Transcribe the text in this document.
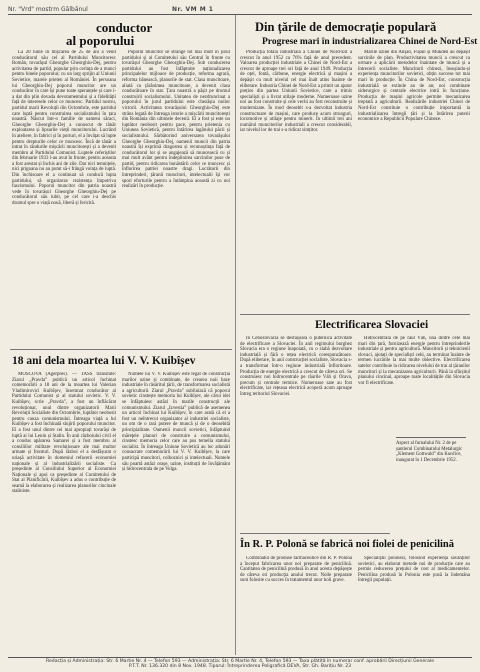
Nr. "Vrd" mostrm Gălbănul	Nr. VM M 1
conductor
al poporului

La 20 lunie în mișcarea de 25 de ani a venit conducătorul său cel al Partidului Muncitoresc Român, tovarășul Gheorghe Gheorghiu-Dej, pentru activitatea de partid, popular prin cerința de a munci pentru binele poporului; cu un larg sprijin al Uniunii Sovietice, marele prieten al României. În persoana lui Gheorghiu-Dej poporul muncitor are un conducător în care își pune toate speranțele și care i-a dat din plin dovada devotamentului și a fidelității față de interesele celor ce muncesc. Partidul nostru, partidul marii Revoluții din Octombrie, este partidul care luptă pentru construirea socialismului în țara noastră. Născut într-o familie de oameni săraci, Gheorghe Gheorghiu-Dej a cunoscut de tânăr exploatarea și lipsurile vieții muncitorului. Lucrând în ateliere, în fabrici și în porturi, el a învățat să lupte pentru drepturile celor ce muncesc. Încă de tânăr a intrat în rândurile mișcării muncitorești și a devenit membru al Partidului Comunist. Luptele ceferiștilor din februarie 1933 l-au avut în frunte; pentru aceasta a fost arestat și închis ani de zile. Dar nici temnițele, nici prigoana nu au putut să-i frângă voința de luptă. Din închisoare el a continuat să conducă lupta partidului, să organizeze rezistența împotriva fascismului. Poporul muncitor din patria noastră vede în tovarășul Gheorghe Gheorghiu-Dej pe conducătorul său iubit, pe cel care i-a deschis drumul spre o viață nouă, liberă și fericită.

Poporul muncitor se strânge tot mai mult în jurul partidului și al Comitetului său Central în frunte cu tovarășul Gheorghe Gheorghiu-Dej. Sub conducerea partidului au fost înfăptuite naționalizarea principalelor mijloace de producție, reforma agrară, reforma bănească, planurile de stat. Clasa muncitoare, aliată cu țărănimea muncitoare, a devenit clasa conducătoare în stat. Țara noastră a pășit pe drumul construirii socialismului. Unitatea de nezdruncinat a poporului în jurul partidului este chezășia noilor victorii. Activitatea tovarășului Gheorghiu-Dej este strâns legată de întreaga istorie a mișcării muncitorești din România din ultimele decenii. El a fost și este un luptător neobosit pentru pace, pentru prietenia cu Uniunea Sovietică, pentru întărirea lagărului păcii și socialismului. Sărbătorind aniversarea tovarășului Gheorghe Gheorghiu-Dej, oamenii muncii din patria noastră își exprimă dragostea și recunoștința față de conducătorul lor și se angajează să muncească cu și mai mult avânt pentru îndeplinirea sarcinilor puse de partid, pentru ridicarea bunăstării celor ce muncesc și înflorirea patriei noastre dragi. Lucrătorii din întreprinderi, țăranii muncitori, intelectualii își vor spori eforturile pentru a întâmpina această zi cu noi realizări în producție.

18 ani dela moartea lui V. V. Kuibîșev

MOSCOVA (Agerpres). — TASS transmite: Ziarul „Pravda” publică un articol închinat comemorării a 18 ani de la moartea lui Valerian Vladimirovici Kuibîșev, însemnat conducător al Partidului Comunist și al statului sovietic. V. V. Kuibîșev, scrie „Pravda”, a fost un înflăcărat revoluționar, unul dintre organizatorii Marii Revoluții Socialiste din Octombrie, luptător neobosit pentru cauza comunismului. Întreaga viață a lui Kuibîșev a fost închinată slujirii poporului muncitor. El a fost unul dintre cei mai apropiați tovarăși de luptă ai lui Lenin și Stalin. În anii războiului civil el a condus apărarea Samarei și a fost membru al consiliilor militare revoluționare ale mai multor armate și fronturi. După război el a desfășurat o uriașă activitate în domeniul refacerii economiei naționale și al industrializării socialiste. Ca președinte al Consiliului Superior al Economiei Naționale și apoi ca președinte al Comitetului de Stat al Planificării, Kuibîșev a adus o contribuție de seamă la elaborarea și realizarea planurilor cincinale staliniste.

Numele lui V. V. Kuibîșev este legat de construcția marilor uzine și combinate, de crearea noii baze industriale în răsăritul țării, de transformarea socialistă a agriculturii. Ziarul „Pravda” subliniază că poporul sovietic cinstește memoria lui Kuibîșev, ale cărui idei se înfăptuiesc astăzi în marile construcții ale comunismului. Ziarul „Izvestia” publică de asemenea un articol închinat lui Kuibîșev, în care arată că el a fost un neîntrecut organizator al industriei socialiste, un om de o rară putere de muncă și de o deosebită principialitate. Oamenii muncii sovietici, înfăptuind măreţele planuri de construire a comunismului, cinstesc memoria celor care au pus temelia statului socialist. În întreaga Uniune Sovietică au loc adunări consacrate comemorării lui V. V. Kuibîșev, la care participă muncitori, colhoznici și intelectuali. Numele său poartă astăzi orașe, uzine, instituții de învățământ și hidrocentrala de pe Volga.

Din țările de democrație populară
Progrese mari în industrializarea Chinei de Nord-Est

Producția totală industrială a Chinei de Nord-Est a crescut în anul 1952 cu 76% față de anul precedent. Valoarea producției industriale a Chinei de Nord-Est a crescut de aproape trei ori față de anul 1949. Producția de oțel, fontă, cărbune, energie electrică și mașini a depășit cu mult nivelul cel mai înalt atins înainte de eliberare. Industria Chinei de Nord-Est a primit un ajutor prețios din partea Uniunii Sovietice, care a trimis specialiști și a livrat utilaje moderne. Numeroase uzine noi au fost construite și cele vechi au fost reconstruite și modernizate. În mod deosebit s-a dezvoltat industria constructoare de mașini, care produce acum strunguri, locomotive și utilaje pentru minerit. În ultimii trei ani numărul muncitorilor industriali a crescut considerabil, iar nivelul lor de trai s-a ridicat simțitor.

Marile uzine din Anșan, Fușun și Mukden au depășit sarcinile de plan. Productivitatea muncii a crescut ca urmare a aplicării metodelor înaintate de muncă și a întrecerii socialiste. Muncitorii chinezi, însușindu-și experiența muncitorilor sovietici, obțin succese tot mai mari în producție. În China de Nord-Est, construcția industrială se extinde an de an; noi combinate siderurgice și centrale electrice intră în funcțiune. Producția de mașini agricole permite mecanizarea treptată a agriculturii. Realizările industriei Chinei de Nord-Est constituie o contribuție importantă la industrializarea întregii țări și la întărirea puterii economice a Republicii Populare Chineze.

Electrificarea Slovaciei

În Cehoslovacia se desfășoară o puternică activitate de electrificare a Slovaciei. În anii regimului burghez Slovacia era o regiune înapoiată, cu o slabă dezvoltare industrială și fără o rețea electrică corespunzătoare. După eliberare, în anii construcției socialiste, Slovacia s-a transformat într-o regiune industrială înfloritoare. Producția de energie electrică a crescut de câteva ori. Se construiesc noi hidrocentrale pe râurile Váh și Orava, precum și centrale termice. Numeroase sate au fost electrificate, iar rețeaua electrică acoperă acum aproape întreg teritoriul Slovaciei.

Hidrocentrala de pe râul Váh, una dintre cele mai mari din țară, furnizează energie pentru întreprinderile industriale și pentru agricultură. Muncitorii și tehnicienii slovaci, ajutați de specialiști cehi, au terminat înainte de termen lucrările la mai multe obiective. Electrificarea satelor contribuie la ridicarea nivelului de trai al țăranilor muncitori și la mecanizarea agriculturii. Până la sfârșitul planului cincinal, aproape toate localitățile din Slovacia vor fi electrificate.

Aspect al furnalului Nr. 2 de pe șantierul Combinatului Metalurgic „Klement Gottwald” din Kunčice, inaugurat în 1 Decembrie 1952.
În R. P. Polonă se fabrică noi fiolei de penicilină

Combinatul de produse farmaceutice din R. P. Polonă a început fabricarea unor noi preparate de penicilină. Cantitatea de penicilină produsă în anul acesta depășește de câteva ori producția anului trecut. Noile preparate sunt folosite cu succes în tratamentul unor boli grave.

Specialiștii polonezi, folosind experiența savanților sovietici, au elaborat metode noi de producție care au permis reducerea prețului de cost al medicamentelor. Penicilina produsă în Polonia este pusă la îndemâna întregii populații.

Redacția și Administrația: Str. 6 Martie Nr. 4 — Telefon 593 — Administrația: Str. 6 Martie Nr. 4, Telefon 593 — Taxa plătită în numerar conf. aprobării Direcțiunii Generale
P.T.T. Nr. 136.320 din 8 Nov. 1948. Tiparul: Întreprinderea Poligrafică DEVA, Str. Gh. Barițiu Nr. 23
